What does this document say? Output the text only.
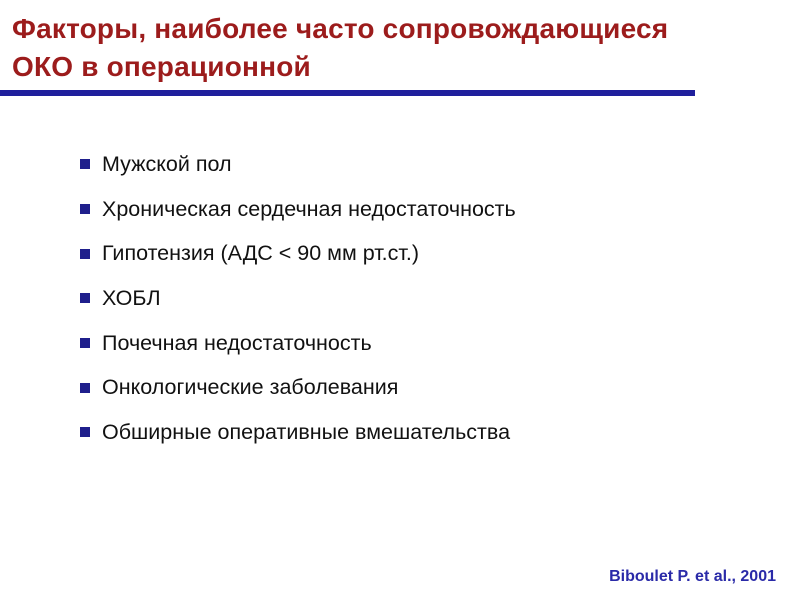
Факторы, наиболее часто сопровождающиеся
ОКО в операционной
Мужской пол
Хроническая сердечная недостаточность
Гипотензия (АДС < 90 мм рт.ст.)
ХОБЛ
Почечная недостаточность
Онкологические заболевания
Обширные оперативные вмешательства
Biboulet P. et al., 2001
